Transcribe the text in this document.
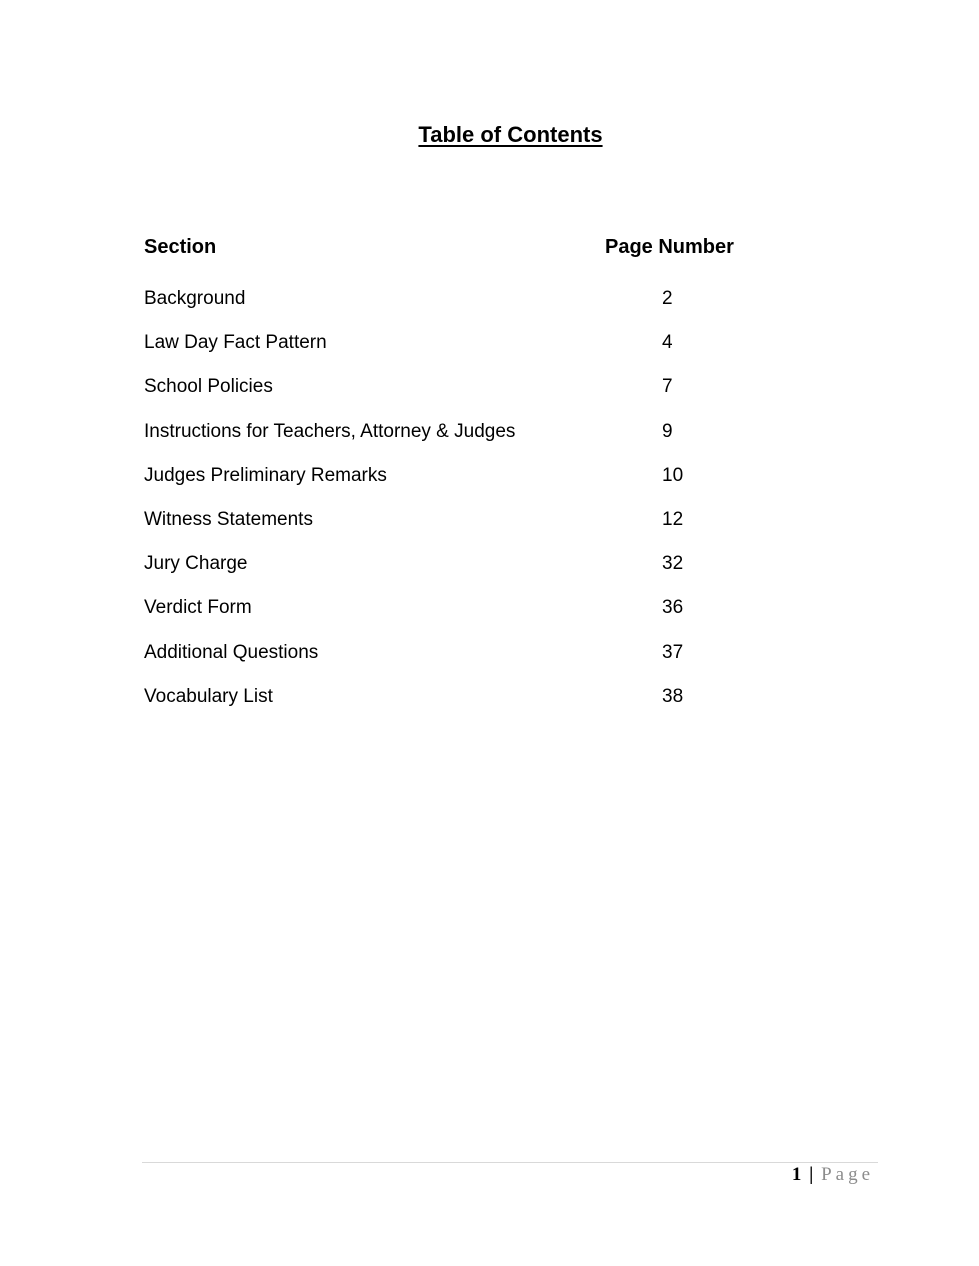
Table of Contents
Section	Page Number
Background	2
Law Day Fact Pattern	4
School Policies	7
Instructions for Teachers, Attorney & Judges	9
Judges Preliminary Remarks	10
Witness Statements	12
Jury Charge	32
Verdict Form	36
Additional Questions	37
Vocabulary List	38
1 | Page
